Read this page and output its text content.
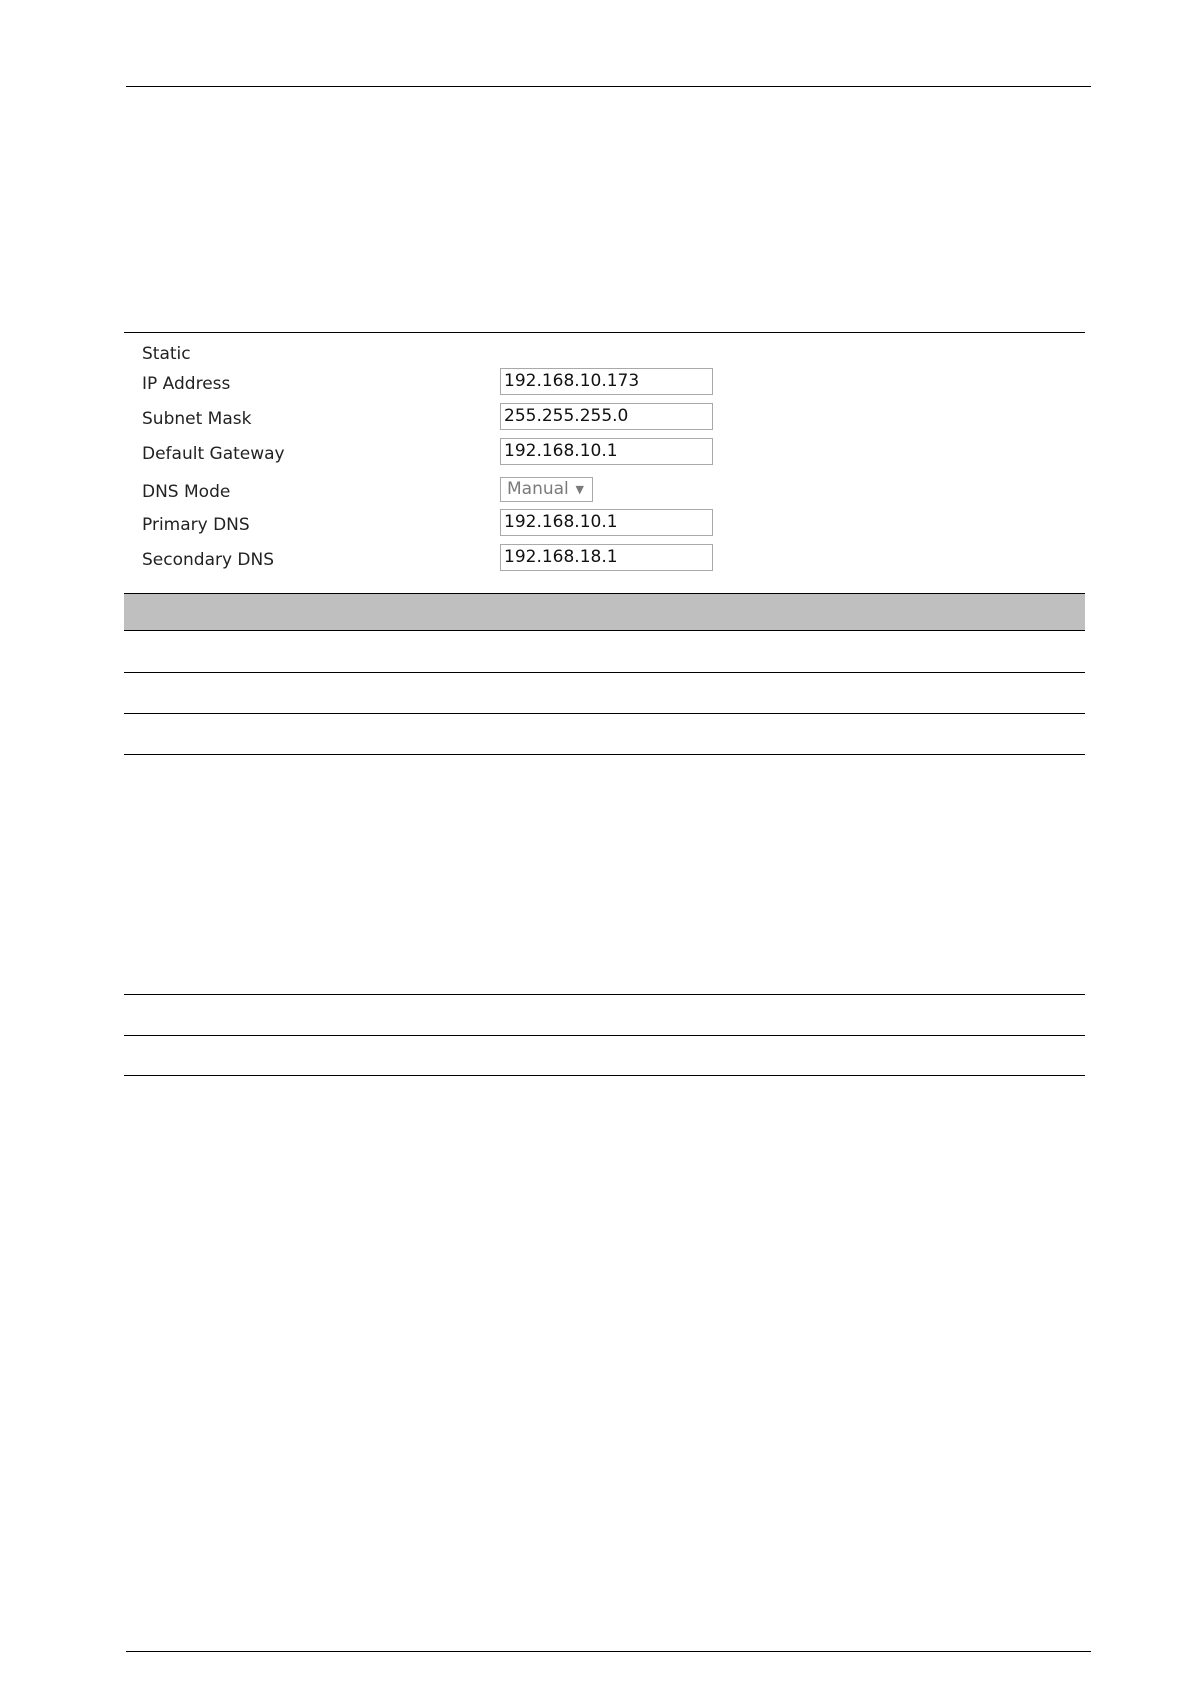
Static
IP Address	192.168.10.173
Subnet Mask	255.255.255.0
Default Gateway	192.168.10.1
DNS Mode	Manual ▼
Primary DNS	192.168.10.1
Secondary DNS	192.168.18.1
